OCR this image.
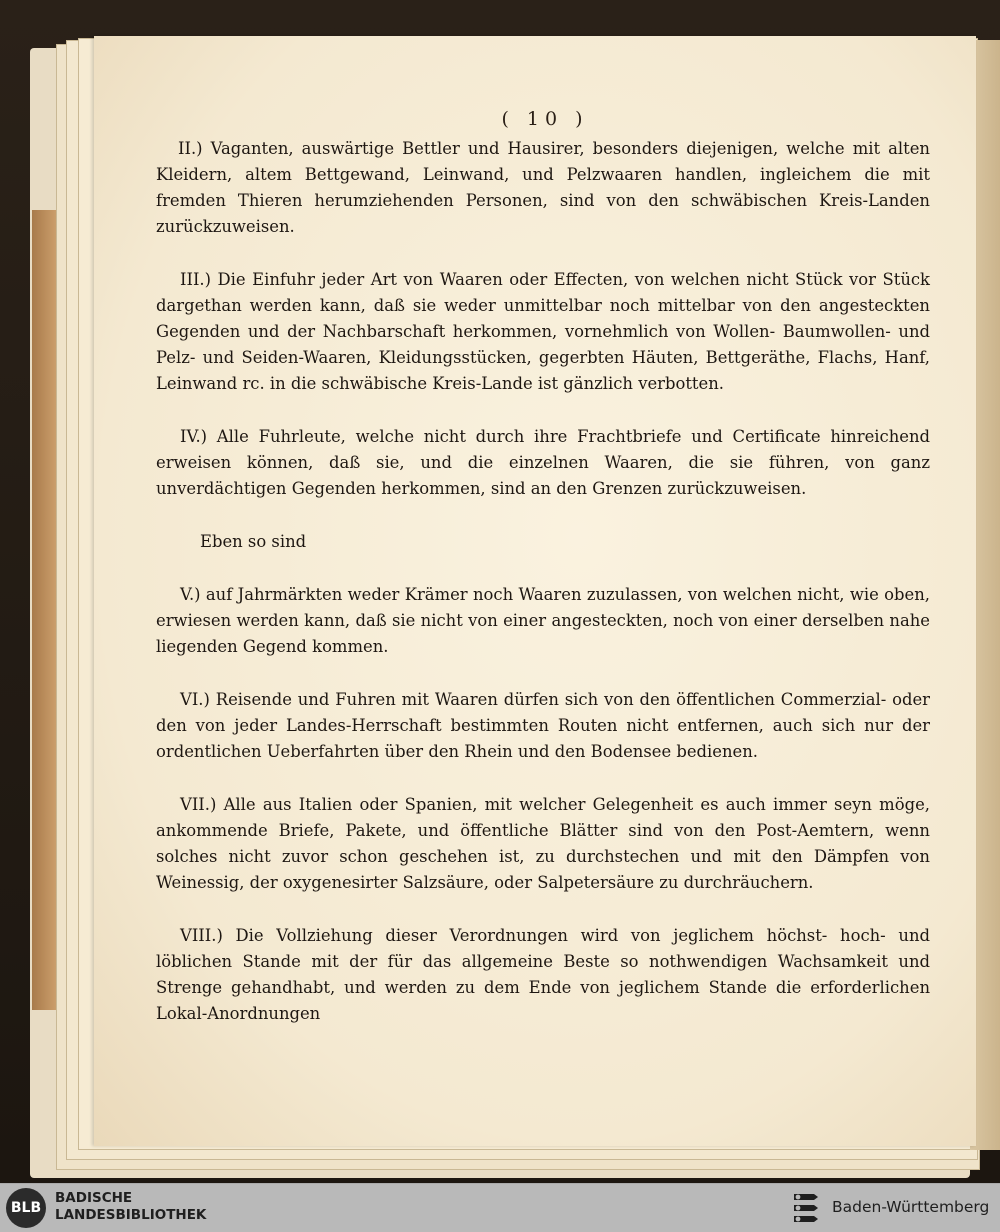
( 10 )

II.) Vaganten, auswärtige Bettler und Hausirer, besonders diejenigen, welche mit alten Kleidern, altem Bettgewand, Leinwand, und Pelzwaaren handlen, ingleichem die mit fremden Thieren herumziehenden Personen, sind von den schwäbischen Kreis-Landen zurückzuweisen.

III.) Die Einfuhr jeder Art von Waaren oder Effecten, von welchen nicht Stück vor Stück dargethan werden kann, daß sie weder unmittelbar noch mittelbar von den angesteckten Gegenden und der Nachbarschaft herkommen, vornehmlich von Wollen- Baumwollen- und Pelz- und Seiden-Waaren, Kleidungsstücken, gegerbten Häuten, Bettgeräthe, Flachs, Hanf, Leinwand rc. in die schwäbische Kreis-Lande ist gänzlich verbotten.

IV.) Alle Fuhrleute, welche nicht durch ihre Frachtbriefe und Certificate hinreichend erweisen können, daß sie, und die einzelnen Waaren, die sie führen, von ganz unverdächtigen Gegenden herkommen, sind an den Grenzen zurückzuweisen.

Eben so sind

V.) auf Jahrmärkten weder Krämer noch Waaren zuzulassen, von welchen nicht, wie oben, erwiesen werden kann, daß sie nicht von einer angesteckten, noch von einer derselben nahe liegenden Gegend kommen.

VI.) Reisende und Fuhren mit Waaren dürfen sich von den öffentlichen Commerzial- oder den von jeder Landes-Herrschaft bestimmten Routen nicht entfernen, auch sich nur der ordentlichen Ueberfahrten über den Rhein und den Bodensee bedienen.

VII.) Alle aus Italien oder Spanien, mit welcher Gelegenheit es auch immer seyn möge, ankommende Briefe, Pakete, und öffentliche Blätter sind von den Post-Aemtern, wenn solches nicht zuvor schon geschehen ist, zu durchstechen und mit den Dämpfen von Weinessig, der oxygenesirter Salzsäure, oder Salpetersäure zu durchräuchern.

VIII.) Die Vollziehung dieser Verordnungen wird von jeglichem höchst- hoch- und löblichen Stande mit der für das allgemeine Beste so nothwendigen Wachsamkeit und Strenge gehandhabt, und werden zu dem Ende von jeglichem Stande die erforderlichen Lokal-Anordnungen

BLB
BADISCHE
LANDESBIBLIOTHEK	Baden-Württemberg
